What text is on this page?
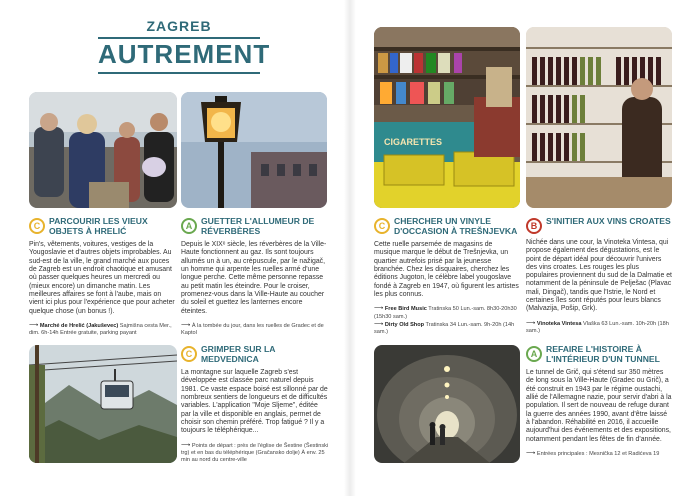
ZAGREB
AUTREMENT
C	PARCOURIR LES VIEUX OBJETS À HRELIĆ
Pin's, vêtements, voitures, vestiges de la Yougoslavie et d'autres objets improbables. Au sud-est de la ville, le grand marché aux puces de Zagreb est un endroit chaotique et amusant où passer quelques heures un mercredi ou (mieux encore) un dimanche matin. Les meilleures affaires se font à l'aube, mais on vient ici plus pour l'expérience que pour acheter quelque chose (un bonus !).
⟶ Marché de Hrelić (Jakuševec) Sajmišna cesta Mer., dim. 6h-14h Entrée gratuite, parking payant
A	GUETTER L'ALLUMEUR DE RÉVERBÈRES
Depuis le XIXᵉ siècle, les réverbères de la Ville-Haute fonctionnent au gaz. Ils sont toujours allumés un à un, au crépuscule, par le nažigač, un homme qui arpente les ruelles armé d'une longue perche. Cette même personne repasse au petit matin les éteindre. Pour le croiser, promenez-vous dans la Ville-Haute au coucher du soleil et guettez les lanternes encore éteintes.
⟶ À la tombée du jour, dans les ruelles de Gradec et de Kaptol
C	GRIMPER SUR LA MEDVEDNICA
La montagne sur laquelle Zagreb s'est développée est classée parc naturel depuis 1981. Ce vaste espace boisé est sillonné par de nombreux sentiers de longueurs et de difficultés variables. L'application "Moje Sljeme", éditée par la ville et disponible en anglais, permet de choisir son chemin préféré. Trop fatigué ? Il y a toujours le téléphérique...
⟶ Points de départ : près de l'église de Šestine (Šestinski trg) et en bas du téléphérique (Gračansko dolje) À env. 25 min au nord du centre-ville
CIGARETTES
C	CHERCHER UN VINYLE D'OCCASION À TREŠNJEVKA
Cette ruelle parsemée de magasins de musique marque le début de Trešnjevka, un quartier autrefois prisé par la jeunesse branchée. Chez les disquaires, cherchez les éditions Jugoton, le célèbre label yougoslave fondé à Zagreb en 1947, où figurent les artistes les plus connus.
⟶ Free Bird Music Tratinska 50 Lun.-sam. 8h30-20h30 (15h30 sam.)
⟶ Dirty Old Shop Tratinska 34 Lun.-sam. 9h-20h (14h sam.)
B	S'INITIER AUX VINS CROATES
Nichée dans une cour, la Vinoteka Vintesa, qui propose également des dégustations, est le point de départ idéal pour découvrir l'univers des vins croates. Les rouges les plus populaires proviennent du sud de la Dalmatie et notamment de la péninsule de Pelješac (Plavac mali, Dingač), tandis que l'Istrie, le Nord et certaines îles sont réputés pour leurs blancs (Malvazija, Pošip, Grk).
⟶ Vinoteka Vintesa Vlaška 63 Lun.-sam. 10h-20h (18h sam.)
A	REFAIRE L'HISTOIRE À L'INTÉRIEUR D'UN TUNNEL
Le tunnel de Grič, qui s'étend sur 350 mètres de long sous la Ville-Haute (Gradec ou Grič), a été construit en 1943 par le régime oustachi, allié de l'Allemagne nazie, pour servir d'abri à la population. Il sert de nouveau de refuge durant la guerre des années 1990, avant d'être laissé à l'abandon. Réhabilité en 2016, il accueille aujourd'hui des événements et des expositions, notamment pendant les fêtes de fin d'année.
⟶ Entrées principales : Mesnička 12 et Radićeva 19
